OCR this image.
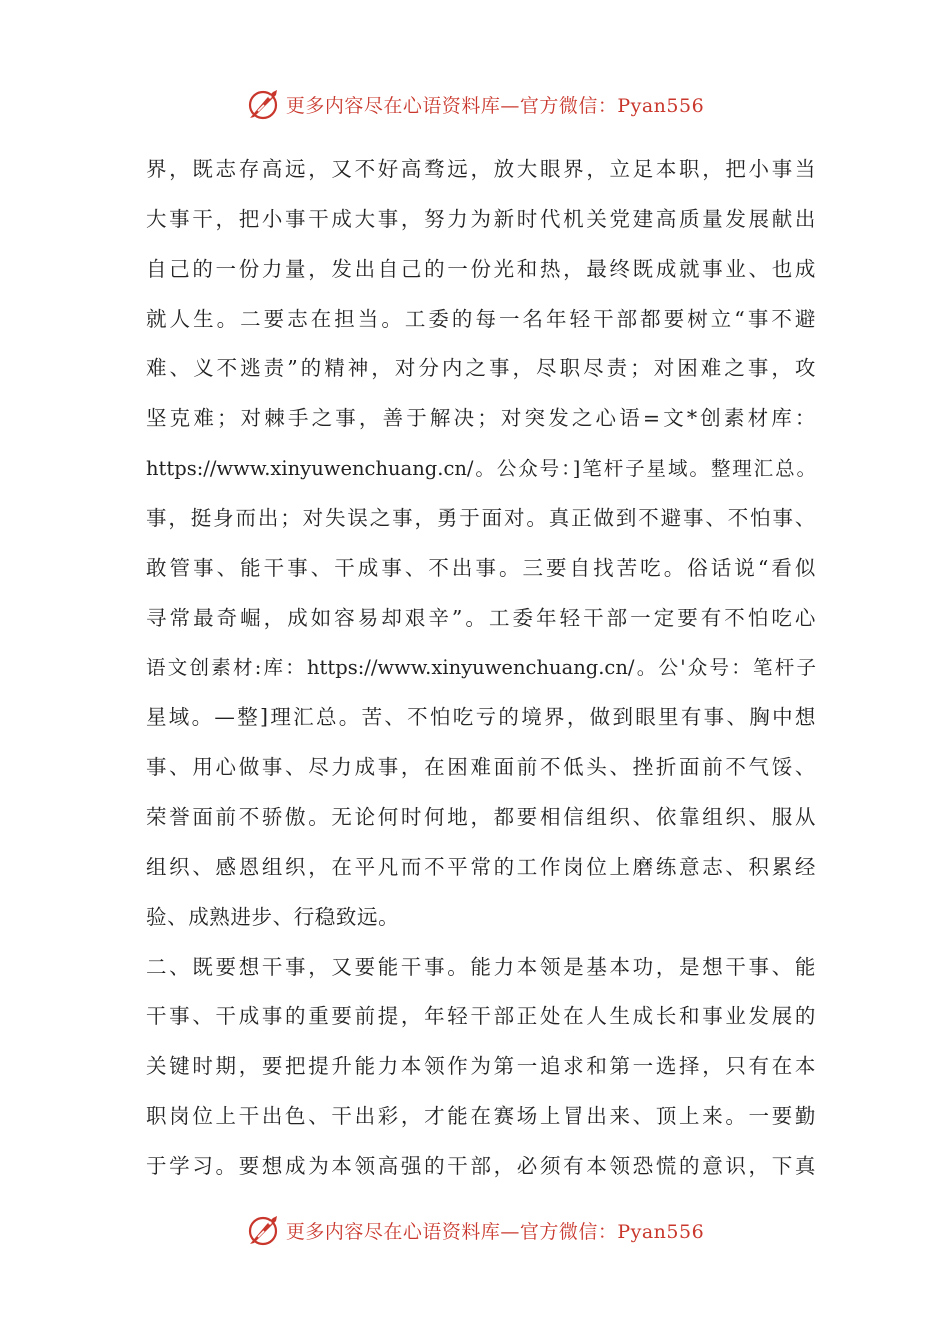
更多内容尽在心语资料库—官方微信：Pyan556
界，既志存高远，又不好高骛远，放大眼界，立足本职，把小事当
大事干，把小事干成大事，努力为新时代机关党建高质量发展献出
自己的一份力量，发出自己的一份光和热，最终既成就事业、也成
就人生。二要志在担当。工委的每一名年轻干部都要树立“事不避
难、义不逃责”的精神，对分内之事，尽职尽责；对困难之事，攻
坚克难；对棘手之事，善于解决；对突发之心语=文*创素材库：
https://www.xinyuwenchuang.cn/。公众号：]笔杆子星域。整理汇总。
事，挺身而出；对失误之事，勇于面对。真正做到不避事、不怕事、
敢管事、能干事、干成事、不出事。三要自找苦吃。俗话说“看似
寻常最奇崛，成如容易却艰辛”。工委年轻干部一定要有不怕吃心
语文创素材:库：https://www.xinyuwenchuang.cn/。公'众号：笔杆子
星域。—整]理汇总。苦、不怕吃亏的境界，做到眼里有事、胸中想
事、用心做事、尽力成事，在困难面前不低头、挫折面前不气馁、
荣誉面前不骄傲。无论何时何地，都要相信组织、依靠组织、服从
组织、感恩组织，在平凡而不平常的工作岗位上磨练意志、积累经
验、成熟进步、行稳致远。
二、既要想干事，又要能干事。能力本领是基本功，是想干事、能
干事、干成事的重要前提，年轻干部正处在人生成长和事业发展的
关键时期，要把提升能力本领作为第一追求和第一选择，只有在本
职岗位上干出色、干出彩，才能在赛场上冒出来、顶上来。一要勤
于学习。要想成为本领高强的干部，必须有本领恐慌的意识，下真
更多内容尽在心语资料库—官方微信：Pyan556
